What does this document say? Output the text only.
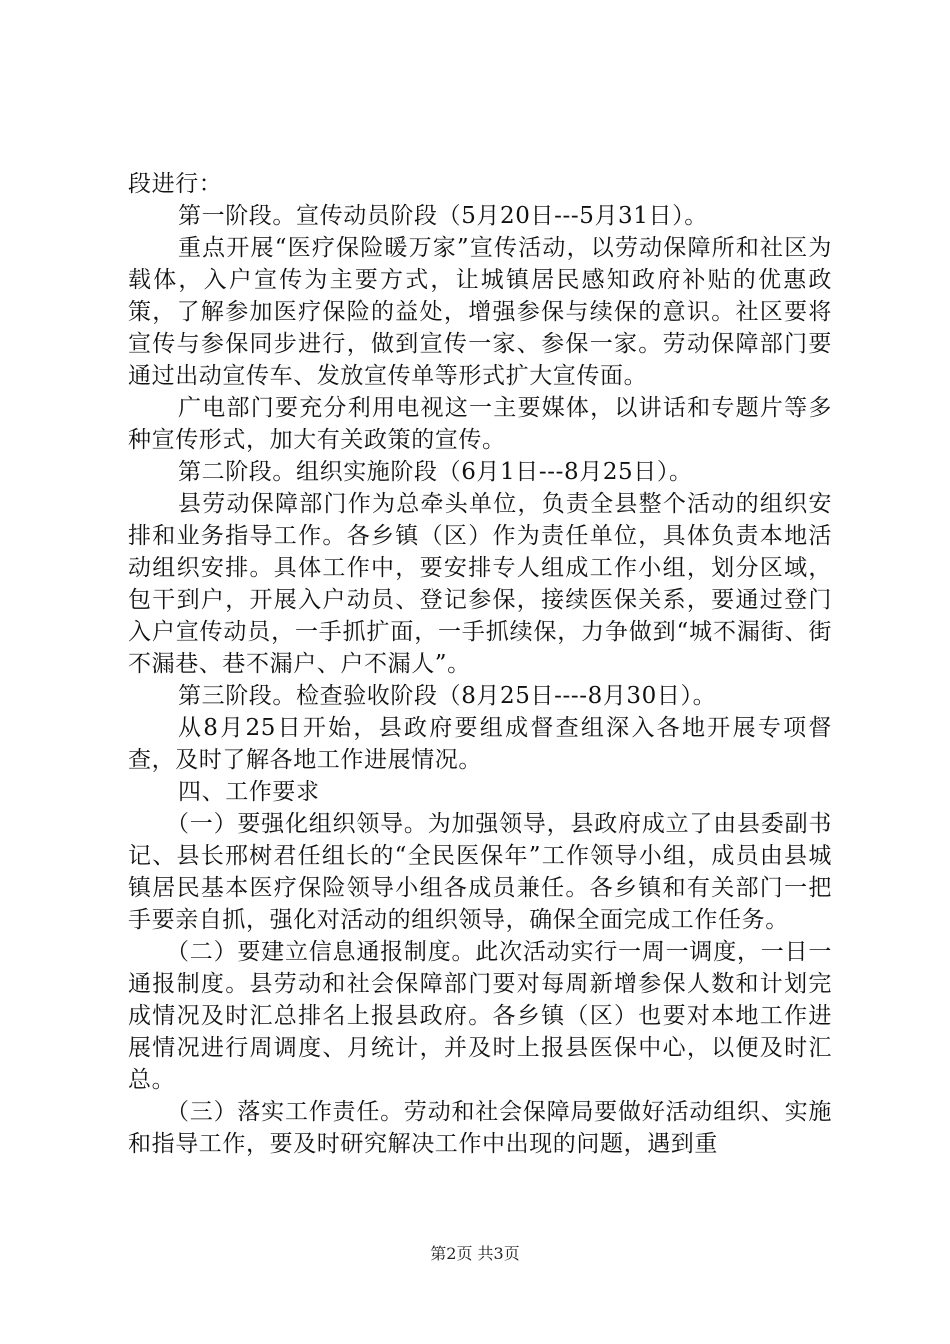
段进行：

第一阶段。宣传动员阶段（5月20日---5月31日）。

重点开展“医疗保险暖万家”宣传活动，以劳动保障所和社区为载体，入户宣传为主要方式，让城镇居民感知政府补贴的优惠政策，了解参加医疗保险的益处，增强参保与续保的意识。社区要将宣传与参保同步进行，做到宣传一家、参保一家。劳动保障部门要通过出动宣传车、发放宣传单等形式扩大宣传面。

广电部门要充分利用电视这一主要媒体，以讲话和专题片等多种宣传形式，加大有关政策的宣传。

第二阶段。组织实施阶段（6月1日---8月25日）。

县劳动保障部门作为总牵头单位，负责全县整个活动的组织安排和业务指导工作。各乡镇（区）作为责任单位，具体负责本地活动组织安排。具体工作中，要安排专人组成工作小组，划分区域，包干到户，开展入户动员、登记参保，接续医保关系，要通过登门入户宣传动员，一手抓扩面，一手抓续保，力争做到“城不漏街、街不漏巷、巷不漏户、户不漏人”。

第三阶段。检查验收阶段（8月25日----8月30日）。

从8月25日开始，县政府要组成督查组深入各地开展专项督查，及时了解各地工作进展情况。

四、工作要求

（一）要强化组织领导。为加强领导，县政府成立了由县委副书记、县长邢树君任组长的“全民医保年”工作领导小组，成员由县城镇居民基本医疗保险领导小组各成员兼任。各乡镇和有关部门一把手要亲自抓，强化对活动的组织领导，确保全面完成工作任务。

（二）要建立信息通报制度。此次活动实行一周一调度，一日一通报制度。县劳动和社会保障部门要对每周新增参保人数和计划完成情况及时汇总排名上报县政府。各乡镇（区）也要对本地工作进展情况进行周调度、月统计，并及时上报县医保中心，以便及时汇总。

（三）落实工作责任。劳动和社会保障局要做好活动组织、实施和指导工作，要及时研究解决工作中出现的问题，遇到重

第2页 共3页
